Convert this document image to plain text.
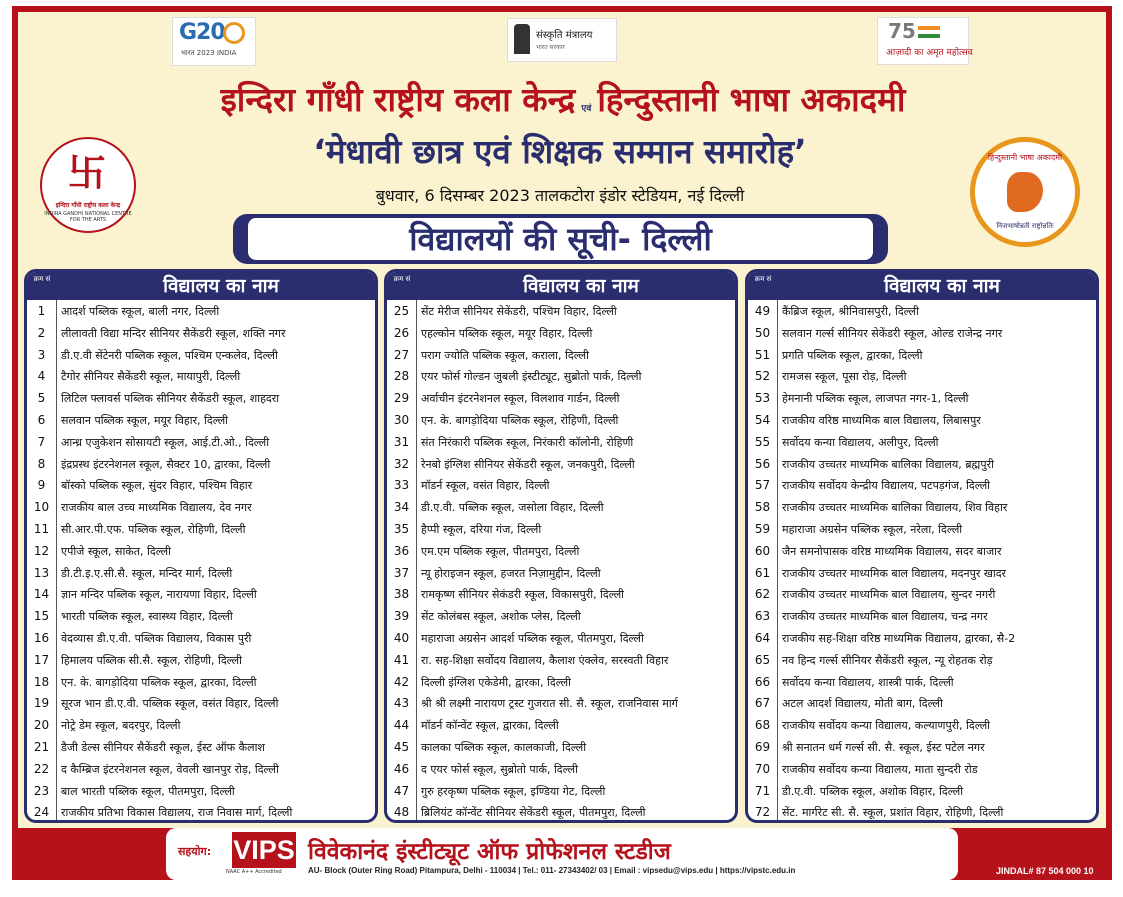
G20
भारत 2023 INDIA
संस्कृति मंत्रालय
भारत सरकार
75
आज़ादी का अमृत महोत्सव
इन्दिरा गाँधी राष्ट्रीय कला केन्द्र एवं हिन्दुस्तानी भाषा अकादमी
‘मेधावी छात्र एवं शिक्षक सम्मान समारोह’
बुधवार, 6 दिसम्बर 2023 तालकटोरा इंडोर स्टेडियम, नई दिल्ली
卐
इन्दिरा गाँधी राष्ट्रीय कला केन्द्र
INDIRA GANDHI NATIONAL CENTRE FOR THE ARTS
हिन्दुस्तानी भाषा अकादमी
निजभाषोन्नती राष्ट्रोन्नतिः
विद्यालयों की सूची- दिल्ली
क्रम सं	विद्यालय का नाम
1	आदर्श पब्लिक स्कूल, बाली नगर, दिल्ली
2	लीलावती विद्या मन्दिर सीनियर सैकेंडरी स्कूल, शक्ति नगर
3	डी.ए.वी सेंटेनरी पब्लिक स्कूल, पश्चिम एन्कलेव, दिल्ली
4	टैगोर सीनियर सैकेंडरी स्कूल, मायापुरी, दिल्ली
5	लिटिल फ्लावर्स पब्लिक सीनियर सैकेंडरी स्कूल, शाहदरा
6	सलवान पब्लिक स्कूल, मयूर विहार, दिल्ली
7	आन्ध्र एजुकेशन सोसायटी स्कूल, आई.टी.ओ., दिल्ली
8	इंद्रप्रस्थ इंटरनेशनल स्कूल, सैक्टर 10, द्वारका, दिल्ली
9	बॉस्को पब्लिक स्कूल, सुंदर विहार, पश्चिम विहार
10	राजकीय बाल उच्च माध्यमिक विद्यालय, देव नगर
11	सी.आर.पी.एफ. पब्लिक स्कूल, रोहिणी, दिल्ली
12	एपीजे स्कूल, साकेत, दिल्ली
13	डी.टी.इ.ए.सी.सै. स्कूल, मन्दिर मार्ग, दिल्ली
14	ज्ञान मन्दिर पब्लिक स्कूल, नारायणा विहार, दिल्ली
15	भारती पब्लिक स्कूल, स्वास्थ्य विहार, दिल्ली
16	वेदव्यास डी.ए.वी. पब्लिक विद्यालय, विकास पुरी
17	हिमालय पब्लिक सी.सै. स्कूल, रोहिणी, दिल्ली
18	एन. के. बागड़ोदिया पब्लिक स्कूल, द्वारका, दिल्ली
19	सूरज भान डी.ए.वी. पब्लिक स्कूल, वसंत विहार, दिल्ली
20	नोट्रे डेम स्कूल, बदरपुर, दिल्ली
21	डैजी डेल्स सीनियर सैकेंडरी स्कूल, ईस्ट ऑफ कैलाश
22	द कैम्ब्रिज इंटरनेशनल स्कूल, वेवली खानपुर रोड़, दिल्ली
23	बाल भारती पब्लिक स्कूल, पीतमपुरा, दिल्ली
24	राजकीय प्रतिभा विकास विद्यालय, राज निवास मार्ग, दिल्ली
क्रम सं	विद्यालय का नाम
25	सेंट मेरीज सीनियर सेकेंडरी, पश्चिम विहार, दिल्ली
26	एहल्कोन पब्लिक स्कूल, मयूर विहार, दिल्ली
27	पराग ज्योति पब्लिक स्कूल, कराला, दिल्ली
28	एयर फोर्स गोल्डन जुबली इंस्टीट्यूट, सुब्रोतो पार्क, दिल्ली
29	अर्वाचीन इंटरनेशनल स्कूल, विलशाव गार्डन, दिल्ली
30	एन. के. बागड़ोदिया पब्लिक स्कूल, रोहिणी, दिल्ली
31	संत निरंकारी पब्लिक स्कूल, निरंकारी कॉलोनी, रोहिणी
32	रेनबो इंग्लिश सीनियर सेकेंडरी स्कूल, जनकपुरी, दिल्ली
33	मॉडर्न स्कूल, वसंत विहार, दिल्ली
34	डी.ए.वी. पब्लिक स्कूल, जसोला विहार, दिल्ली
35	हैप्पी स्कूल, दरिया गंज, दिल्ली
36	एम.एम पब्लिक स्कूल, पीतमपुरा, दिल्ली
37	न्यू होराइजन स्कूल, हजरत निज़ामुद्दीन, दिल्ली
38	रामकृष्ण सीनियर सेकंडरी स्कूल, विकासपुरी, दिल्ली
39	सेंट कोलंबस स्कूल, अशोक प्लेस, दिल्ली
40	महाराजा अग्रसेन आदर्श पब्लिक स्कूल, पीतमपुरा, दिल्ली
41	रा. सह-शिक्षा सर्वोदय विद्यालय, कैलाश एंक्लेव, सरस्वती विहार
42	दिल्ली इंग्लिश एकेडेमी, द्वारका, दिल्ली
43	श्री श्री लक्ष्मी नारायण ट्रस्ट गुजरात सी. सै. स्कूल, राजनिवास मार्ग
44	मॉडर्न कॉन्वेंट स्कूल, द्वारका, दिल्ली
45	कालका पब्लिक स्कूल, कालकाजी, दिल्ली
46	द एयर फोर्स स्कूल, सुब्रोतो पार्क, दिल्ली
47	गुरु हरकृष्ण पब्लिक स्कूल, इण्डिया गेट, दिल्ली
48	ब्रिलियंट कॉन्वेंट सीनियर सेकेंडरी स्कूल, पीतमपुरा, दिल्ली
क्रम सं	विद्यालय का नाम
49	कैंब्रिज स्कूल, श्रीनिवासपुरी, दिल्ली
50	सलवान गर्ल्स सीनियर सेकेंडरी स्कूल, ओल्ड राजेन्द्र नगर
51	प्रगति पब्लिक स्कूल, द्वारका, दिल्ली
52	रामजस स्कूल, पूसा रोड़, दिल्ली
53	हेमनानी पब्लिक स्कूल, लाजपत नगर-1, दिल्ली
54	राजकीय वरिष्ठ माध्यमिक बाल विद्यालय, लिबासपुर
55	सर्वोदय कन्या विद्यालय, अलीपुर, दिल्ली
56	राजकीय उच्चतर माध्यमिक बालिका विद्यालय, ब्रह्मपुरी
57	राजकीय सर्वोदय केन्द्रीय विद्यालय, पटपड़गंज, दिल्ली
58	राजकीय उच्चतर माध्यमिक बालिका विद्यालय, शिव विहार
59	महाराजा अग्रसेन पब्लिक स्कूल, नरेला, दिल्ली
60	जैन समनोपासक वरिष्ठ माध्यमिक विद्यालय, सदर बाजार
61	राजकीय उच्चतर माध्यमिक बाल विद्यालय, मदनपुर खादर
62	राजकीय उच्चतर माध्यमिक बाल विद्यालय, सुन्दर नगरी
63	राजकीय उच्चतर माध्यमिक बाल विद्यालय, चन्द्र नगर
64	राजकीय सह-शिक्षा वरिष्ठ माध्यमिक विद्यालय, द्वारका, सै-2
65	नव हिन्द गर्ल्स सीनियर सैकेंडरी स्कूल, न्यू रोहतक रोड़
66	सर्वोदय कन्या विद्यालय, शास्त्री पार्क, दिल्ली
67	अटल आदर्श विद्यालय, मोती बाग, दिल्ली
68	राजकीय सर्वोदय कन्या विद्यालय, कल्याणपुरी, दिल्ली
69	श्री सनातन धर्म गर्ल्स सी. सै. स्कूल, ईस्ट पटेल नगर
70	राजकीय सर्वोदय कन्या विद्यालय, माता सुन्दरी रोड
71	डी.ए.वी. पब्लिक स्कूल, अशोक विहार, दिल्ली
72	सेंट. मार्गरेट सी. सै. स्कूल, प्रशांत विहार, रोहिणी, दिल्ली
सहयोग: VIPS
NAAC A++ Accredited
विवेकानंद इंस्टीट्यूट ऑफ प्रोफेशनल स्टडीज
AU- Block (Outer Ring Road) Pitampura, Delhi - 110034 | Tel.: 011- 27343402/ 03 | Email : vipsedu@vips.edu | https://vipstc.edu.in	JINDAL# 87 504 000 10
